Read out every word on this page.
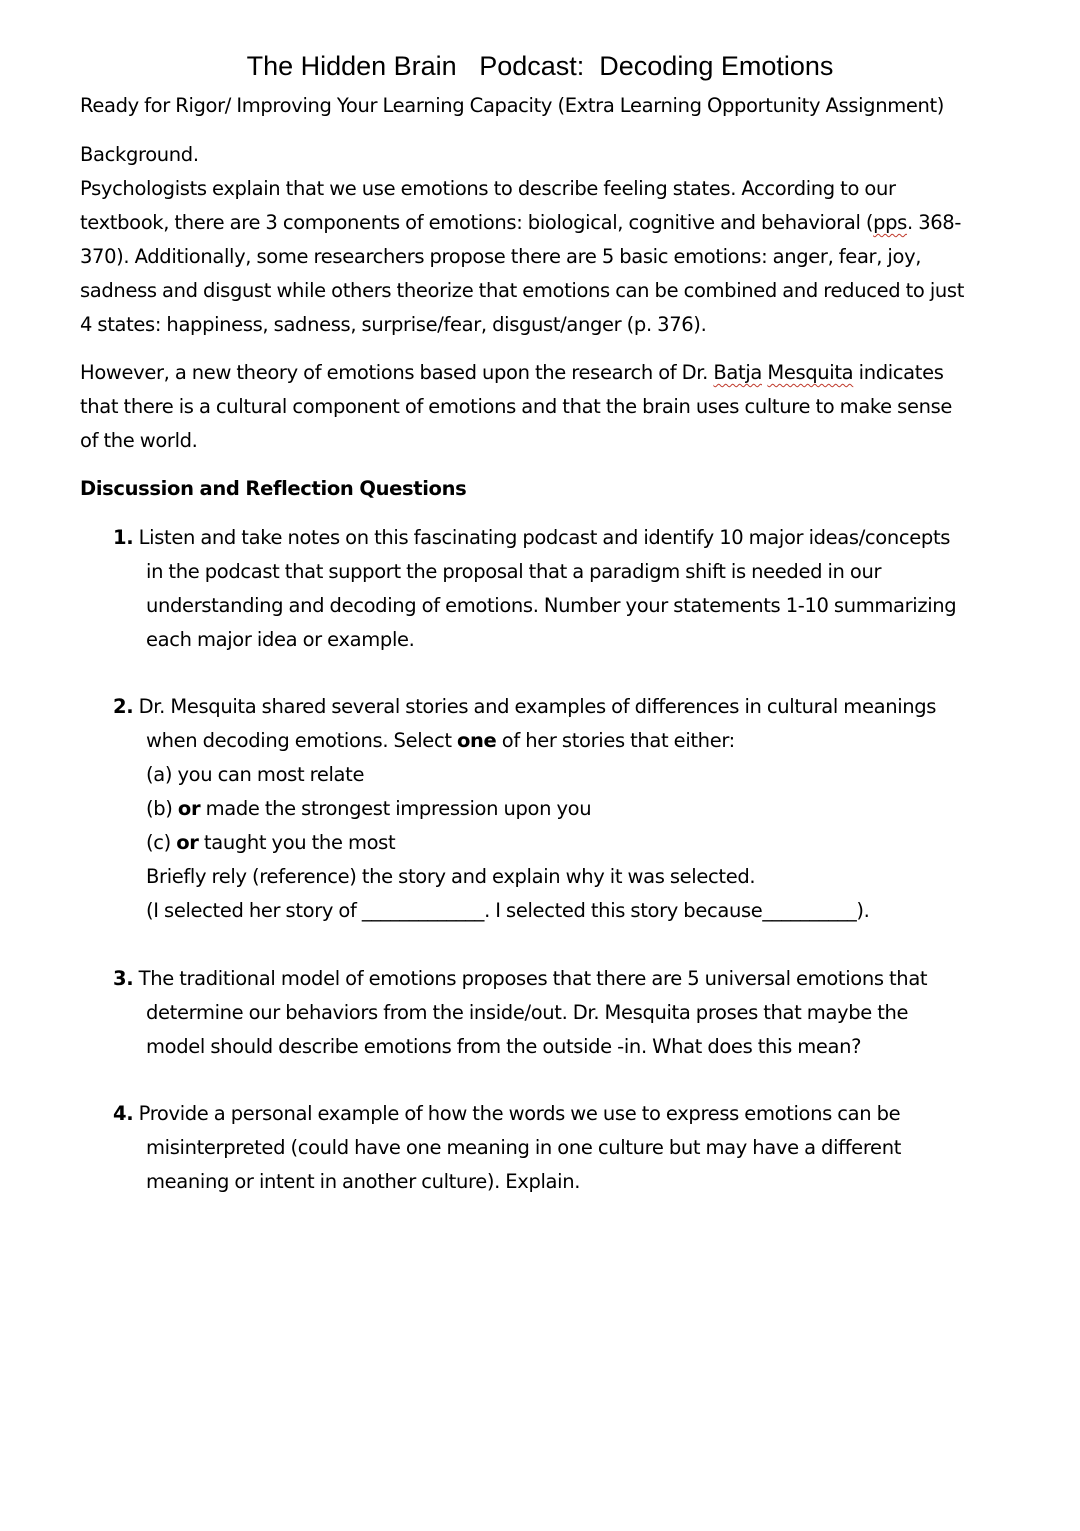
The Hidden Brain   Podcast:  Decoding Emotions
Ready for Rigor/ Improving Your Learning Capacity (Extra Learning Opportunity Assignment)
Background.
Psychologists explain that we use emotions to describe feeling states. According to our
textbook, there are 3 components of emotions: biological, cognitive and behavioral (pps. 368-
370). Additionally, some researchers propose there are 5 basic emotions: anger, fear, joy,
sadness and disgust while others theorize that emotions can be combined and reduced to just
4 states: happiness, sadness, surprise/fear, disgust/anger (p. 376).
However, a new theory of emotions based upon the research of Dr. Batja Mesquita indicates
that there is a cultural component of emotions and that the brain uses culture to make sense
of the world.
Discussion and Reflection Questions
1. Listen and take notes on this fascinating podcast and identify 10 major ideas/concepts
in the podcast that support the proposal that a paradigm shift is needed in our
understanding and decoding of emotions. Number your statements 1-10 summarizing
each major idea or example.
2. Dr. Mesquita shared several stories and examples of differences in cultural meanings
when decoding emotions. Select one of her stories that either:
(a) you can most relate
(b) or made the strongest impression upon you
(c) or taught you the most
Briefly rely (reference) the story and explain why it was selected.
(I selected her story of _____________. I selected this story because__________).
3. The traditional model of emotions proposes that there are 5 universal emotions that
determine our behaviors from the inside/out. Dr. Mesquita proses that maybe the
model should describe emotions from the outside -in. What does this mean?
4. Provide a personal example of how the words we use to express emotions can be
misinterpreted (could have one meaning in one culture but may have a different
meaning or intent in another culture). Explain.
